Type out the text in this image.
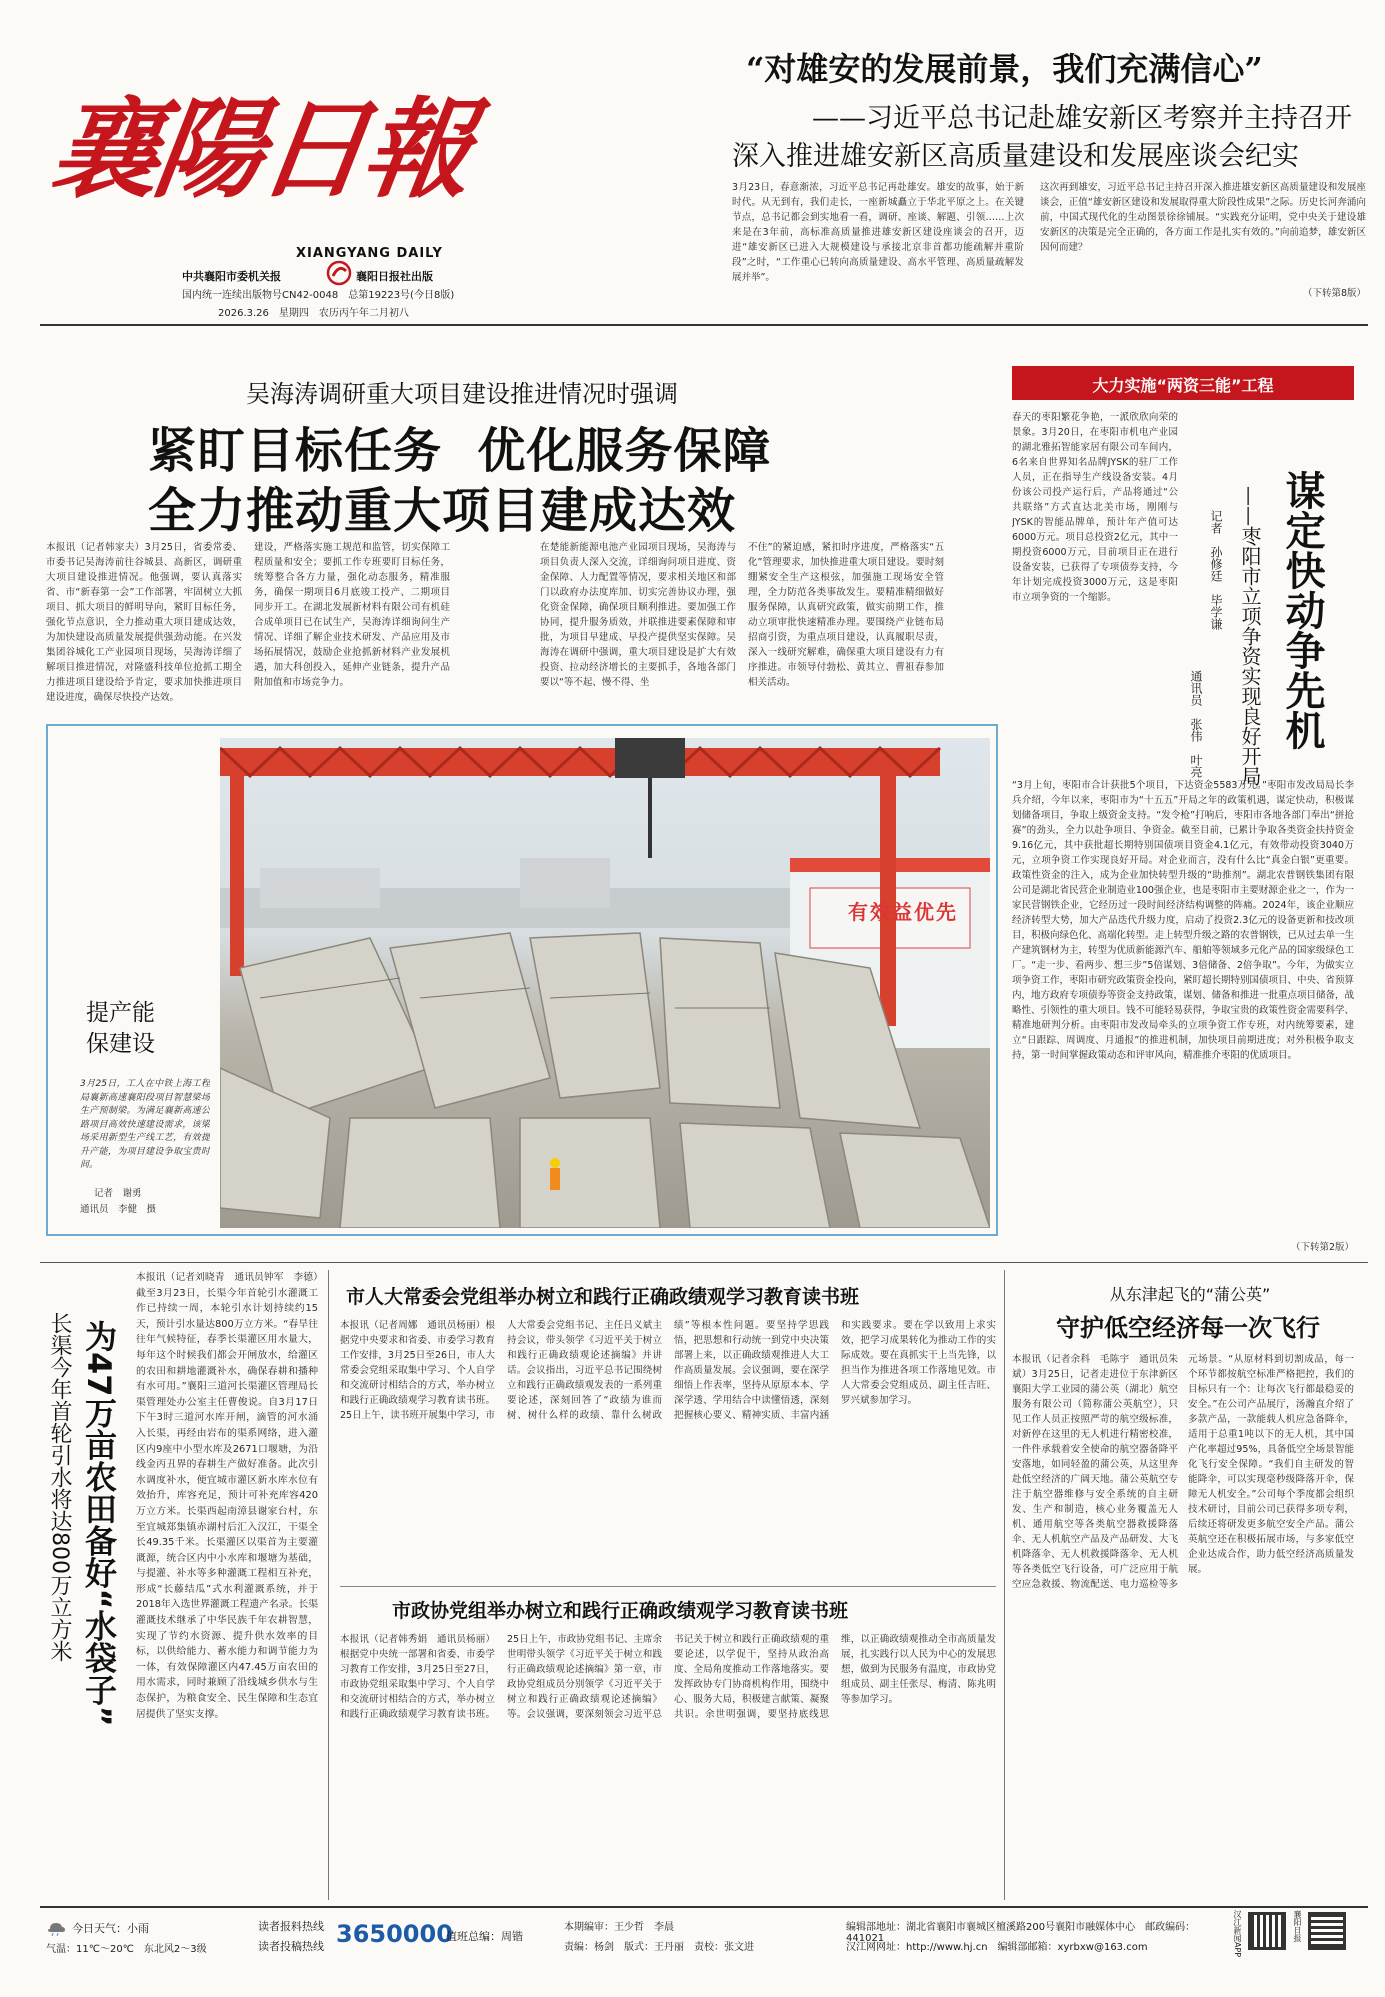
襄陽日報
XIANGYANG DAILY
中共襄阳市委机关报	襄阳日报社出版
国内统一连续出版物号CN42-0048　总第19223号(今日8版)
2026.3.26　星期四　农历丙午年二月初八
“对雄安的发展前景，我们充满信心”
——习近平总书记赴雄安新区考察并主持召开
深入推进雄安新区高质量建设和发展座谈会纪实
3月23日，春意渐浓，习近平总书记再赴雄安。雄安的故事，始于新时代。从无到有，我们走长，一座新城矗立于华北平原之上。在关键节点，总书记都会到实地看一看，调研、座谈、解题、引领……上次来是在3年前，高标准高质量推进雄安新区建设座谈会的召开，迈进“雄安新区已进入大规模建设与承接北京非首都功能疏解并重阶段”之时，“工作重心已转向高质量建设、高水平管理、高质量疏解发展并举”。
这次再到雄安，习近平总书记主持召开深入推进雄安新区高质量建设和发展座谈会，正值“雄安新区建设和发展取得重大阶段性成果”之际。历史长河奔涌向前，中国式现代化的生动图景徐徐铺展。“实践充分证明，党中央关于建设雄安新区的决策是完全正确的，各方面工作是扎实有效的。”向前追梦，雄安新区因何而建？
（下转第8版）
吴海涛调研重大项目建设推进情况时强调
紧盯目标任务  优化服务保障
全力推动重大项目建成达效
本报讯（记者韩家夫）3月25日，省委常委、市委书记吴海涛前往谷城县、高新区，调研重大项目建设推进情况。他强调，要认真落实省、市“新春第一会”工作部署，牢固树立大抓项目、抓大项目的鲜明导向，紧盯目标任务，强化节点意识，全力推动重大项目建成达效，为加快建设高质量发展提供强劲动能。在兴发集团谷城化工产业园项目现场，吴海涛详细了解项目推进情况，对隆盛科技单位抢抓工期全力推进项目建设给予肯定，要求加快推进项目建设进度，确保尽快投产达效。
建设，严格落实施工规范和监管，切实保障工程质量和安全；要抓工作专班要盯目标任务，统筹整合各方力量，强化动态服务，精准服务，确保一期项目6月底竣工投产、二期项目同步开工。在湖北发展新材料有限公司有机硅合成单项目已在试生产，吴海涛详细询问生产情况、详细了解企业技术研发、产品应用及市场拓展情况，鼓励企业抢抓新材料产业发展机遇，加大科创投入，延伸产业链条，提升产品附加值和市场竞争力。
在楚能新能源电池产业园项目现场，吴海涛与项目负责人深入交流，详细询问项目进度、资金保障、人力配置等情况，要求相关地区和部门以政府办法度库加、切实完善协议办理，强化资金保障，确保项目顺利推进。要加强工作协同，提升服务质效，并联推进要素保障和审批，为项目早建成、早投产提供坚实保障。吴海涛在调研中强调，重大项目建设是扩大有效投资、拉动经济增长的主要抓手，各地各部门要以“等不起、慢不得、坐
不住”的紧迫感，紧扣时序进度，严格落实“五化”管理要求，加快推进重大项目建设。要时刻绷紧安全生产这根弦，加强施工现场安全管理，全力防范各类事故发生。要精准精细做好服务保障，认真研究政策，做实前期工作，推动立项审批快速精准办理。要围绕产业链布局招商引资，为重点项目建设，认真履职尽责，深入一线研究解难，确保重大项目建设有力有序推进。市领导付勃松、黄其立、曹祖春参加相关活动。
有效益优先
提产能 保建设
3月25日，工人在中铁上海工程局襄新高速襄阳段项目智慧梁场生产预制梁。为满足襄新高速公路项目高效快速建设需求，该梁场采用新型生产线工艺，有效提升产能，为项目建设争取宝贵时间。
记者　谢勇
通讯员　李健　摄
大力实施“两资三能”工程
谋定快动争先机
——枣阳市立项争资实现良好开局
记者　孙修廷　毕学谦
通讯员　张伟　叶亮
春天的枣阳繁花争艳，一派欣欣向荣的景象。3月20日，在枣阳市机电产业园的湖北雅拓智能家居有限公司车间内，6名来自世界知名品牌JYSK的驻厂工作人员，正在指导生产线设备安装。4月份该公司投产运行后，产品将通过“公共联络”方式直达北美市场，刚刚与JYSK的智能品牌单，预计年产值可达6000万元。项目总投资2亿元，其中一期投资6000万元，目前项目正在进行设备安装，已获得了专项债券支持，今年计划完成投资3000万元，这是枣阳市立项争资的一个缩影。
“3月上旬，枣阳市合计获批5个项目，下达资金5583万元。”枣阳市发改局局长李兵介绍，今年以来，枣阳市为“十五五”开局之年的政策机遇，谋定快动，积极谋划储备项目，争取上级资金支持。“发令枪”打响后，枣阳市各地各部门奉出“拼抢赛”的劲头，全力以赴争项目、争资金。截至目前，已累计争取各类资金扶持资金9.16亿元，其中获批超长期特别国债项目资金4.1亿元，有效带动投资3040万元，立项争资工作实现良好开局。对企业而言，没有什么比“真金白银”更重要。政策性资金的注入，成为企业加快转型升级的“助推剂”。湖北农普钢铁集团有限公司是湖北省民营企业制造业100强企业，也是枣阳市主要财源企业之一，作为一家民营钢铁企业，它经历过一段时间经济结构调整的阵痛。2024年，该企业顺应经济转型大势，加大产品迭代升级力度，启动了投资2.3亿元的设备更新和技改项目，积极向绿色化、高端化转型。走上转型升级之路的农普钢铁，已从过去单一生产建筑钢材为主，转型为优质新能源汽车、船舶等领域多元化产品的国家级绿色工厂。“走一步、看两步、想三步”5倍谋划、3倍储备、2倍争取”。今年，为做实立项争资工作，枣阳市研究政策资金投向，紧盯超长期特别国债项目、中央、省预算内，地方政府专项债券等资金支持政策，谋划、储备和推进一批重点项目储备，战略性、引领性的重大项目。钱不可能轻易获得，争取宝贵的政策性资金需要科学、精准地研判分析。由枣阳市发改局牵头的立项争资工作专班，对内统筹要素，建立“日跟踪、周调度、月通报”的推进机制，加快项目前期进度；对外积极争取支持，第一时间掌握政策动态和评审风向，精准推介枣阳的优质项目。
（下转第2版）
为47万亩农田备好“水袋子”
长渠今年首轮引水将达800万立方米
本报讯（记者刘晓青　通讯员钟军　李德）截至3月23日，长渠今年首轮引水灌溉工作已持续一周，本轮引水计划持续约15天，预计引水量达800万立方米。“春旱往往年气候特征，春季长渠灌区用水量大，每年这个时候我们都会开闸放水，给灌区的农田和耕地灌溉补水，确保春耕和播种有水可用。”襄阳三道河长渠灌区管理局长渠管理处办公室主任曹俊说。自3月17日下午3时三道河水库开闸，滴管的河水涌入长渠，再经由岩布的渠系网络，进入灌区内9座中小型水库及2671口堰塘，为沿线金丙丑界的春耕生产做好准备。此次引水调度补水，便宜城市灌区新水库水位有效抬升，库容充足，预计可补充库容420万立方米。长渠西起南漳县谢家台村，东至宜城郑集镇赤湖村后汇入汉江，干渠全长49.35千米。长渠灌区以渠首为主要灌溉源，统合区内中小水库和堰塘为基础，与提灌、补水等多种灌溉工程相互补充，形成“长藤结瓜”式水利灌溉系统，并于2018年入选世界灌溉工程遗产名录。长渠灌溉技术继承了中华民族千年农耕智慧，实现了节约水资源、提升供水效率的目标，以供给能力、蓄水能力和调节能力为一体，有效保障灌区内47.45万亩农田的用水需求，同时兼顾了沿线城乡供水与生态保护，为粮食安全、民生保障和生态宜居提供了坚实支撑。
市人大常委会党组举办树立和践行正确政绩观学习教育读书班
本报讯（记者周娜　通讯员杨丽）根据党中央要求和省委、市委学习教育工作安排，3月25日至26日，市人大常委会党组采取集中学习、个人自学和交流研讨相结合的方式，举办树立和践行正确政绩观学习教育读书班。25日上午，读书班开展集中学习，市人大常委会党组书记、主任吕义斌主持会议，带头领学《习近平关于树立和践行正确政绩观论述摘编》并讲话。会议指出，习近平总书记围绕树立和践行正确政绩观发表的一系列重要论述，深刻回答了“政绩为谁而树、树什么样的政绩、靠什么树政绩”等根本性问题。要坚持学思践悟，把思想和行动统一到党中央决策部署上来，以正确政绩观推进人大工作高质量发展。会议强调，要在深学细悟上作表率，坚持从原原本本、学深学透、学用结合中读懂悟透，深刻把握核心要义、精神实质、丰富内涵和实践要求。要在学以致用上求实效，把学习成果转化为推动工作的实际成效。要在真抓实干上当先锋，以担当作为推进各项工作落地见效。市人大常委会党组成员、副主任吉旺、罗兴斌参加学习。
市政协党组举办树立和践行正确政绩观学习教育读书班
本报讯（记者韩秀娟　通讯员杨丽）根据党中央统一部署和省委、市委学习教育工作安排，3月25日至27日，市政协党组采取集中学习、个人自学和交流研讨相结合的方式，举办树立和践行正确政绩观学习教育读书班。25日上午，市政协党组书记、主席余世明带头领学《习近平关于树立和践行正确政绩观论述摘编》第一章，市政协党组成员分别领学《习近平关于树立和践行正确政绩观论述摘编》等。会议强调，要深刻领会习近平总书记关于树立和践行正确政绩观的重要论述，以学促干，坚持从政治高度、全局角度推动工作落地落实。要发挥政协专门协商机构作用，围绕中心、服务大局，积极建言献策、凝聚共识。余世明强调，要坚持底线思维，以正确政绩观推动全市高质量发展，扎实践行以人民为中心的发展思想，做到为民服务有温度，市政协党组成员、副主任张尽、梅清、陈兆明等参加学习。
从东津起飞的“蒲公英”
守护低空经济每一次飞行
本报讯（记者余科　毛陈宇　通讯员朱斌）3月25日，记者走进位于东津新区襄阳大学工业园的蒲公英（湖北）航空服务有限公司（简称蒲公英航空），只见工作人员正按照严苛的航空级标准，对新停在这里的无人机进行精密校准，一件件承载着安全使命的航空器备降平安落地，如同轻盈的蒲公英，从这里奔赴低空经济的广阔天地。蒲公英航空专注于航空器维修与安全系统的自主研发、生产和制造，核心业务覆盖无人机、通用航空等各类航空器救援降落伞、无人机航空产品及产品研发、大飞机降落伞、无人机救援降落伞、无人机等各类低空飞行设备，可广泛应用于航空应急救援、物流配送、电力巡检等多元场景。“从原材料到切割成品，每一个环节都按航空标准严格把控，我们的目标只有一个：让每次飞行都最稳妥的安全。”在公司产品展厅，汤瀚直介绍了多款产品，一款能载人机应急备降伞，适用于总重1吨以下的无人机，其中国产化率超过95%，具备低空全场景智能化飞行安全保障。“我们自主研发的智能降伞，可以实现毫秒级降落开伞，保障无人机安全。”公司每个季度都会组织技术研讨，目前公司已获得多项专利，后续还将研发更多航空安全产品。蒲公英航空还在积极拓展市场，与多家低空企业达成合作，助力低空经济高质量发展。
今日天气：小雨
气温：11℃～20℃　东北风2～3级
读者报料热线
读者投稿热线 3650000
值班总编：周锴
本期编审：王少哲　李晨
责编：杨剑　版式：王丹丽　责校：张文进
编辑部地址：湖北省襄阳市襄城区檀溪路200号襄阳市融媒体中心　邮政编码：441021
汉江网网址：http://www.hj.cn　编辑部邮箱：xyrbxw@163.com	汉江新闻APP	襄阳日报
